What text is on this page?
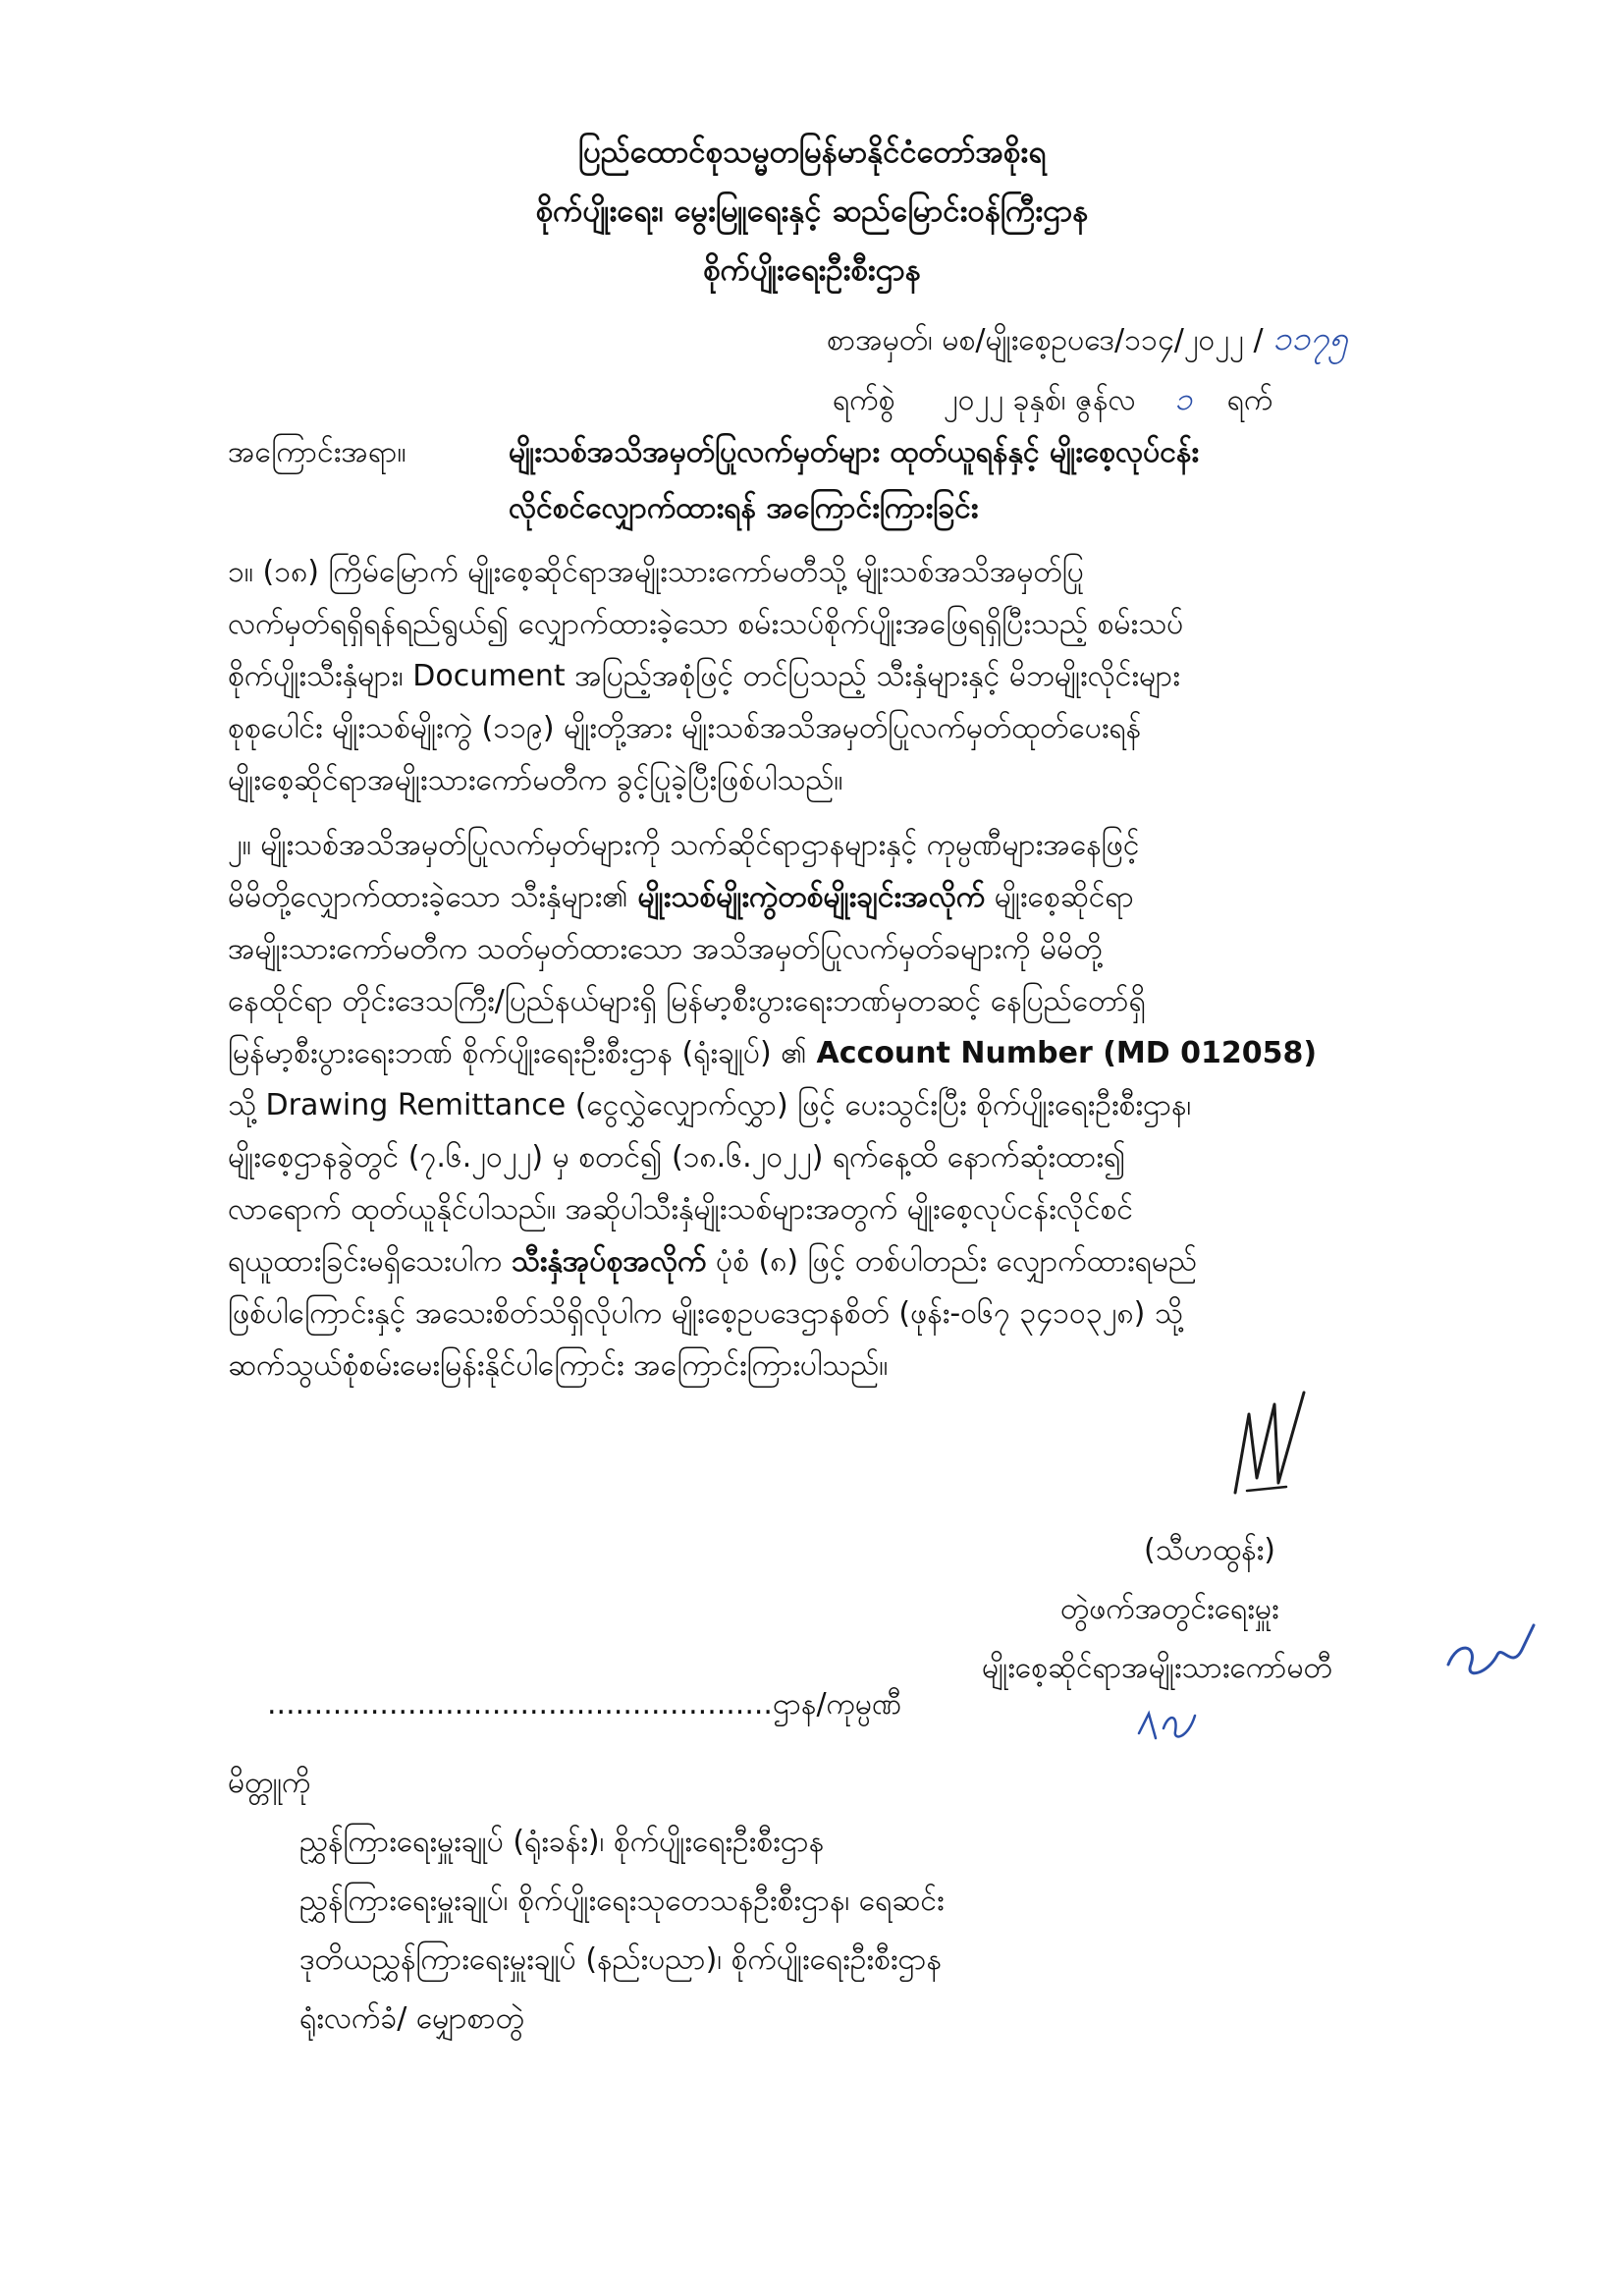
ပြည်ထောင်စုသမ္မတမြန်မာနိုင်ငံတော်အစိုးရ
စိုက်ပျိုးရေး၊ မွေးမြူရေးနှင့် ဆည်မြောင်းဝန်ကြီးဌာန
စိုက်ပျိုးရေးဦးစီးဌာန
စာအမှတ်၊ မစ/မျိုးစေ့ဥပဒေ/၁၁၄/၂၀၂၂ / ၁၁၇၅
ရက်စွဲ ၂၀၂၂ ခုနှစ်၊ ဇွန်လ ၁ ရက်
အကြောင်းအရာ။	မျိုးသစ်အသိအမှတ်ပြုလက်မှတ်များ ထုတ်ယူရန်နှင့် မျိုးစေ့လုပ်ငန်း
လိုင်စင်လျှောက်ထားရန် အကြောင်းကြားခြင်း
၁။ (၁၈) ကြိမ်မြောက် မျိုးစေ့ဆိုင်ရာအမျိုးသားကော်မတီသို့ မျိုးသစ်အသိအမှတ်ပြု
လက်မှတ်ရရှိရန်ရည်ရွယ်၍ လျှောက်ထားခဲ့သော စမ်းသပ်စိုက်ပျိုးအဖြေရရှိပြီးသည့် စမ်းသပ်
စိုက်ပျိုးသီးနှံများ၊ Document အပြည့်အစုံဖြင့် တင်ပြသည့် သီးနှံများနှင့် မိဘမျိုးလိုင်းများ
စုစုပေါင်း မျိုးသစ်မျိုးကွဲ (၁၁၉) မျိုးတို့အား မျိုးသစ်အသိအမှတ်ပြုလက်မှတ်ထုတ်ပေးရန်
မျိုးစေ့ဆိုင်ရာအမျိုးသားကော်မတီက ခွင့်ပြုခဲ့ပြီးဖြစ်ပါသည်။
၂။ မျိုးသစ်အသိအမှတ်ပြုလက်မှတ်များကို သက်ဆိုင်ရာဌာနများနှင့် ကုမ္ပဏီများအနေဖြင့်
မိမိတို့လျှောက်ထားခဲ့သော သီးနှံများ၏ မျိုးသစ်မျိုးကွဲတစ်မျိုးချင်းအလိုက် မျိုးစေ့ဆိုင်ရာ
အမျိုးသားကော်မတီက သတ်မှတ်ထားသော အသိအမှတ်ပြုလက်မှတ်ခများကို မိမိတို့
နေထိုင်ရာ တိုင်းဒေသကြီး/ပြည်နယ်များရှိ မြန်မာ့စီးပွားရေးဘဏ်မှတဆင့် နေပြည်တော်ရှိ
မြန်မာ့စီးပွားရေးဘဏ် စိုက်ပျိုးရေးဦးစီးဌာန (ရုံးချုပ်) ၏ Account Number (MD 012058)
သို့ Drawing Remittance (ငွေလွှဲလျှောက်လွှာ) ဖြင့် ပေးသွင်းပြီး စိုက်ပျိုးရေးဦးစီးဌာန၊
မျိုးစေ့ဌာနခွဲတွင် (၇.၆.၂၀၂၂) မှ စတင်၍ (၁၈.၆.၂၀၂၂) ရက်နေ့ထိ နောက်ဆုံးထား၍
လာရောက် ထုတ်ယူနိုင်ပါသည်။ အဆိုပါသီးနှံမျိုးသစ်များအတွက် မျိုးစေ့လုပ်ငန်းလိုင်စင်
ရယူထားခြင်းမရှိသေးပါက သီးနှံအုပ်စုအလိုက် ပုံစံ (၈) ဖြင့် တစ်ပါတည်း လျှောက်ထားရမည်
ဖြစ်ပါကြောင်းနှင့် အသေးစိတ်သိရှိလိုပါက မျိုးစေ့ဥပဒေဌာနစိတ် (ဖုန်း-၀၆၇ ၃၄၁၀၃၂၈) သို့
ဆက်သွယ်စုံစမ်းမေးမြန်းနိုင်ပါကြောင်း အကြောင်းကြားပါသည်။
(သီဟထွန်း)
တွဲဖက်အတွင်းရေးမှူး
မျိုးစေ့ဆိုင်ရာအမျိုးသားကော်မတီ
......................................................ဌာန/ကုမ္ပဏီ
မိတ္တူကို
ညွှန်ကြားရေးမှူးချုပ် (ရုံးခန်း)၊ စိုက်ပျိုးရေးဦးစီးဌာန
ညွှန်ကြားရေးမှူးချုပ်၊ စိုက်ပျိုးရေးသုတေသနဦးစီးဌာန၊ ရေဆင်း
ဒုတိယညွှန်ကြားရေးမှူးချုပ် (နည်းပညာ)၊ စိုက်ပျိုးရေးဦးစီးဌာန
ရုံးလက်ခံ/ မျှောစာတွဲ
